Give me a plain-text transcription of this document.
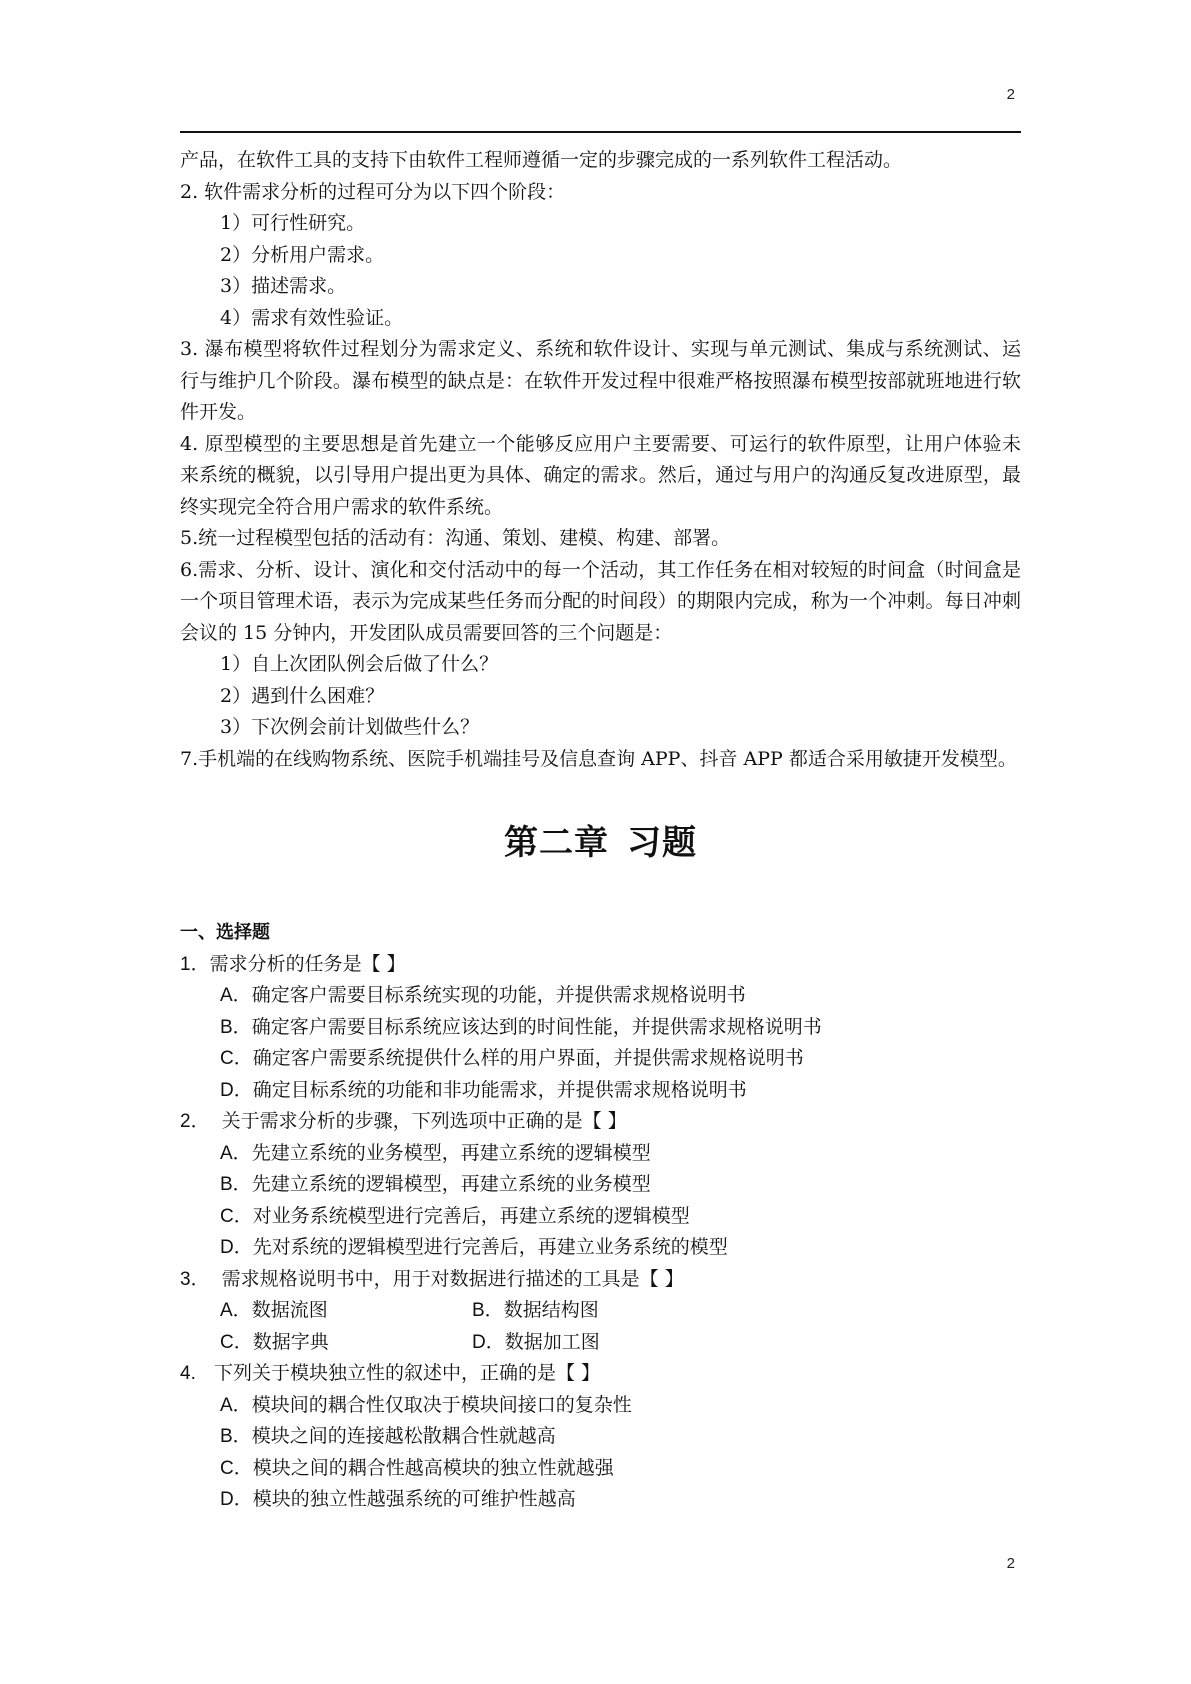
2

产品，在软件工具的支持下由软件工程师遵循一定的步骤完成的一系列软件工程活动。

2. 软件需求分析的过程可分为以下四个阶段：

1）可行性研究。

2）分析用户需求。

3）描述需求。

4）需求有效性验证。

3. 瀑布模型将软件过程划分为需求定义、系统和软件设计、实现与单元测试、集成与系统测试、运行与维护几个阶段。瀑布模型的缺点是：在软件开发过程中很难严格按照瀑布模型按部就班地进行软件开发。

4. 原型模型的主要思想是首先建立一个能够反应用户主要需要、可运行的软件原型，让用户体验未来系统的概貌，以引导用户提出更为具体、确定的需求。然后，通过与用户的沟通反复改进原型，最终实现完全符合用户需求的软件系统。

5.统一过程模型包括的活动有：沟通、策划、建模、构建、部署。

6.需求、分析、设计、演化和交付活动中的每一个活动，其工作任务在相对较短的时间盒（时间盒是一个项目管理术语，表示为完成某些任务而分配的时间段）的期限内完成，称为一个冲刺。每日冲刺会议的 15 分钟内，开发团队成员需要回答的三个问题是：

1）自上次团队例会后做了什么？

2）遇到什么困难？

3）下次例会前计划做些什么？

7.手机端的在线购物系统、医院手机端挂号及信息查询 APP、抖音 APP 都适合采用敏捷开发模型。

第二章 习题
一、选择题

1．需求分析的任务是【 】

A．确定客户需要目标系统实现的功能，并提供需求规格说明书

B．确定客户需要目标系统应该达到的时间性能，并提供需求规格说明书

C．确定客户需要系统提供什么样的用户界面，并提供需求规格说明书

D．确定目标系统的功能和非功能需求，并提供需求规格说明书

2． 关于需求分析的步骤，下列选项中正确的是【 】

A．先建立系统的业务模型，再建立系统的逻辑模型

B．先建立系统的逻辑模型，再建立系统的业务模型

C．对业务系统模型进行完善后，再建立系统的逻辑模型

D．先对系统的逻辑模型进行完善后，再建立业务系统的模型

3． 需求规格说明书中，用于对数据进行描述的工具是【 】

A．数据流图	B．数据结构图
C．数据字典	D．数据加工图

4. 下列关于模块独立性的叙述中，正确的是【 】

A．模块间的耦合性仅取决于模块间接口的复杂性

B．模块之间的连接越松散耦合性就越高

C．模块之间的耦合性越高模块的独立性就越强

D．模块的独立性越强系统的可维护性越高

2
